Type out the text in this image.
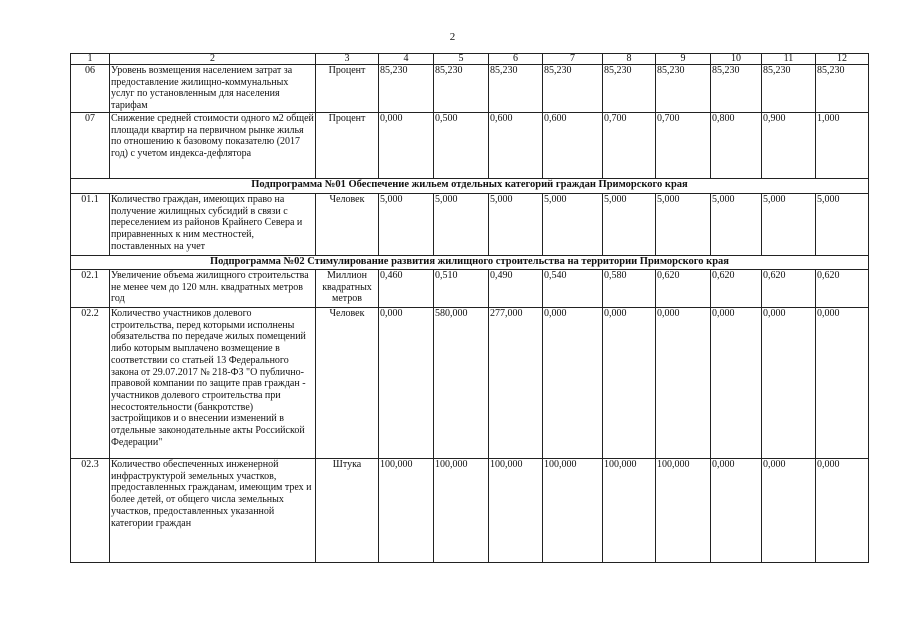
2
1	2	3	4	5	6	7	8	9	10	11	12
06	Уровень возмещения населением затрат за предоставление жилищно-коммунальных услуг по установленным для населения тарифам	Процент	85,230	85,230	85,230	85,230	85,230	85,230	85,230	85,230	85,230
07	Снижение средней стоимости одного м2 общей площади квартир на первичном рынке жилья по отношению к базовому показателю (2017 год) с учетом индекса-дефлятора	Процент	0,000	0,500	0,600	0,600	0,700	0,700	0,800	0,900	1,000
Подпрограмма №01 Обеспечение жильем отдельных категорий граждан Приморского края											
01.1	Количество граждан, имеющих право на получение жилищных субсидий в связи с переселением из районов Крайнего Севера и приравненных к ним местностей, поставленных на учет	Человек	5,000	5,000	5,000	5,000	5,000	5,000	5,000	5,000	5,000
Подпрограмма №02 Стимулирование развития жилищного строительства на территории Приморского края											
02.1	Увеличение объема жилищного строительства не менее чем до 120 млн. квадратных метров год	Миллион квадратных метров	0,460	0,510	0,490	0,540	0,580	0,620	0,620	0,620	0,620
02.2	Количество участников долевого строительства, перед которыми исполнены обязательства по передаче жилых помещений либо которым выплачено возмещение в соответствии со статьей 13 Федерального закона от 29.07.2017 № 218-ФЗ "О публично-правовой компании по защите прав граждан - участников долевого строительства при несостоятельности (банкротстве) застройщиков и о внесении изменений в отдельные законодательные акты Российской Федерации"	Человек	0,000	580,000	277,000	0,000	0,000	0,000	0,000	0,000	0,000
02.3	Количество обеспеченных инженерной инфраструктурой земельных участков, предоставленных гражданам, имеющим трех и более детей, от общего числа земельных участков, предоставленных указанной категории граждан	Штука	100,000	100,000	100,000	100,000	100,000	100,000	0,000	0,000	0,000
